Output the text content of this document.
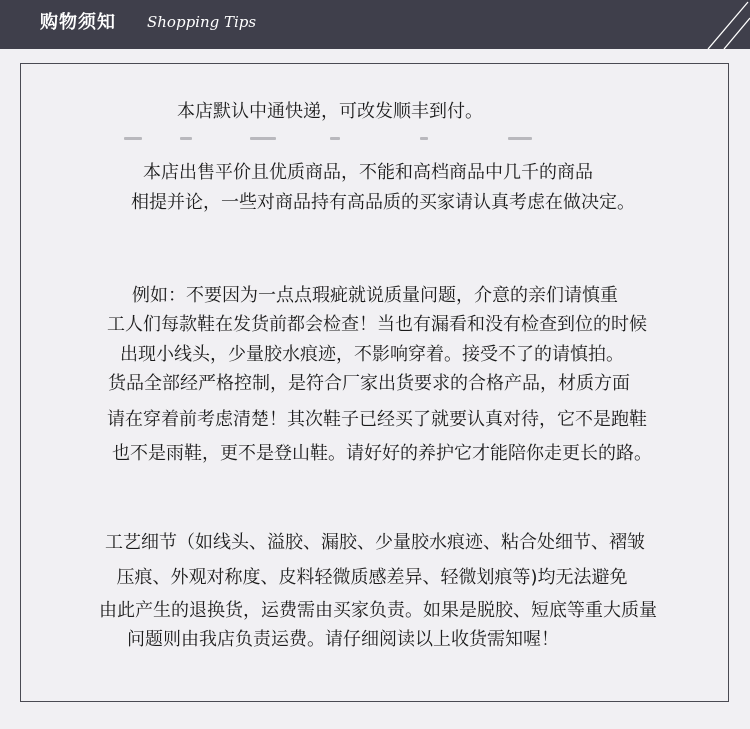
购物须知 Shopping Tips
本店默认中通快递，可改发顺丰到付。
本店出售平价且优质商品，不能和高档商品中几千的商品
相提并论，一些对商品持有高品质的买家请认真考虑在做决定。
例如：不要因为一点点瑕疵就说质量问题，介意的亲们请慎重
工人们每款鞋在发货前都会检查！当也有漏看和没有检查到位的时候
出现小线头，少量胶水痕迹，不影响穿着。接受不了的请慎拍。
货品全部经严格控制，是符合厂家出货要求的合格产品，材质方面
请在穿着前考虑清楚！其次鞋子已经买了就要认真对待，它不是跑鞋
也不是雨鞋，更不是登山鞋。请好好的养护它才能陪你走更长的路。
工艺细节（如线头、溢胶、漏胶、少量胶水痕迹、粘合处细节、褶皱
压痕、外观对称度、皮料轻微质感差异、轻微划痕等)均无法避免
由此产生的退换货，运费需由买家负责。如果是脱胶、短底等重大质量
问题则由我店负责运费。请仔细阅读以上收货需知喔！
